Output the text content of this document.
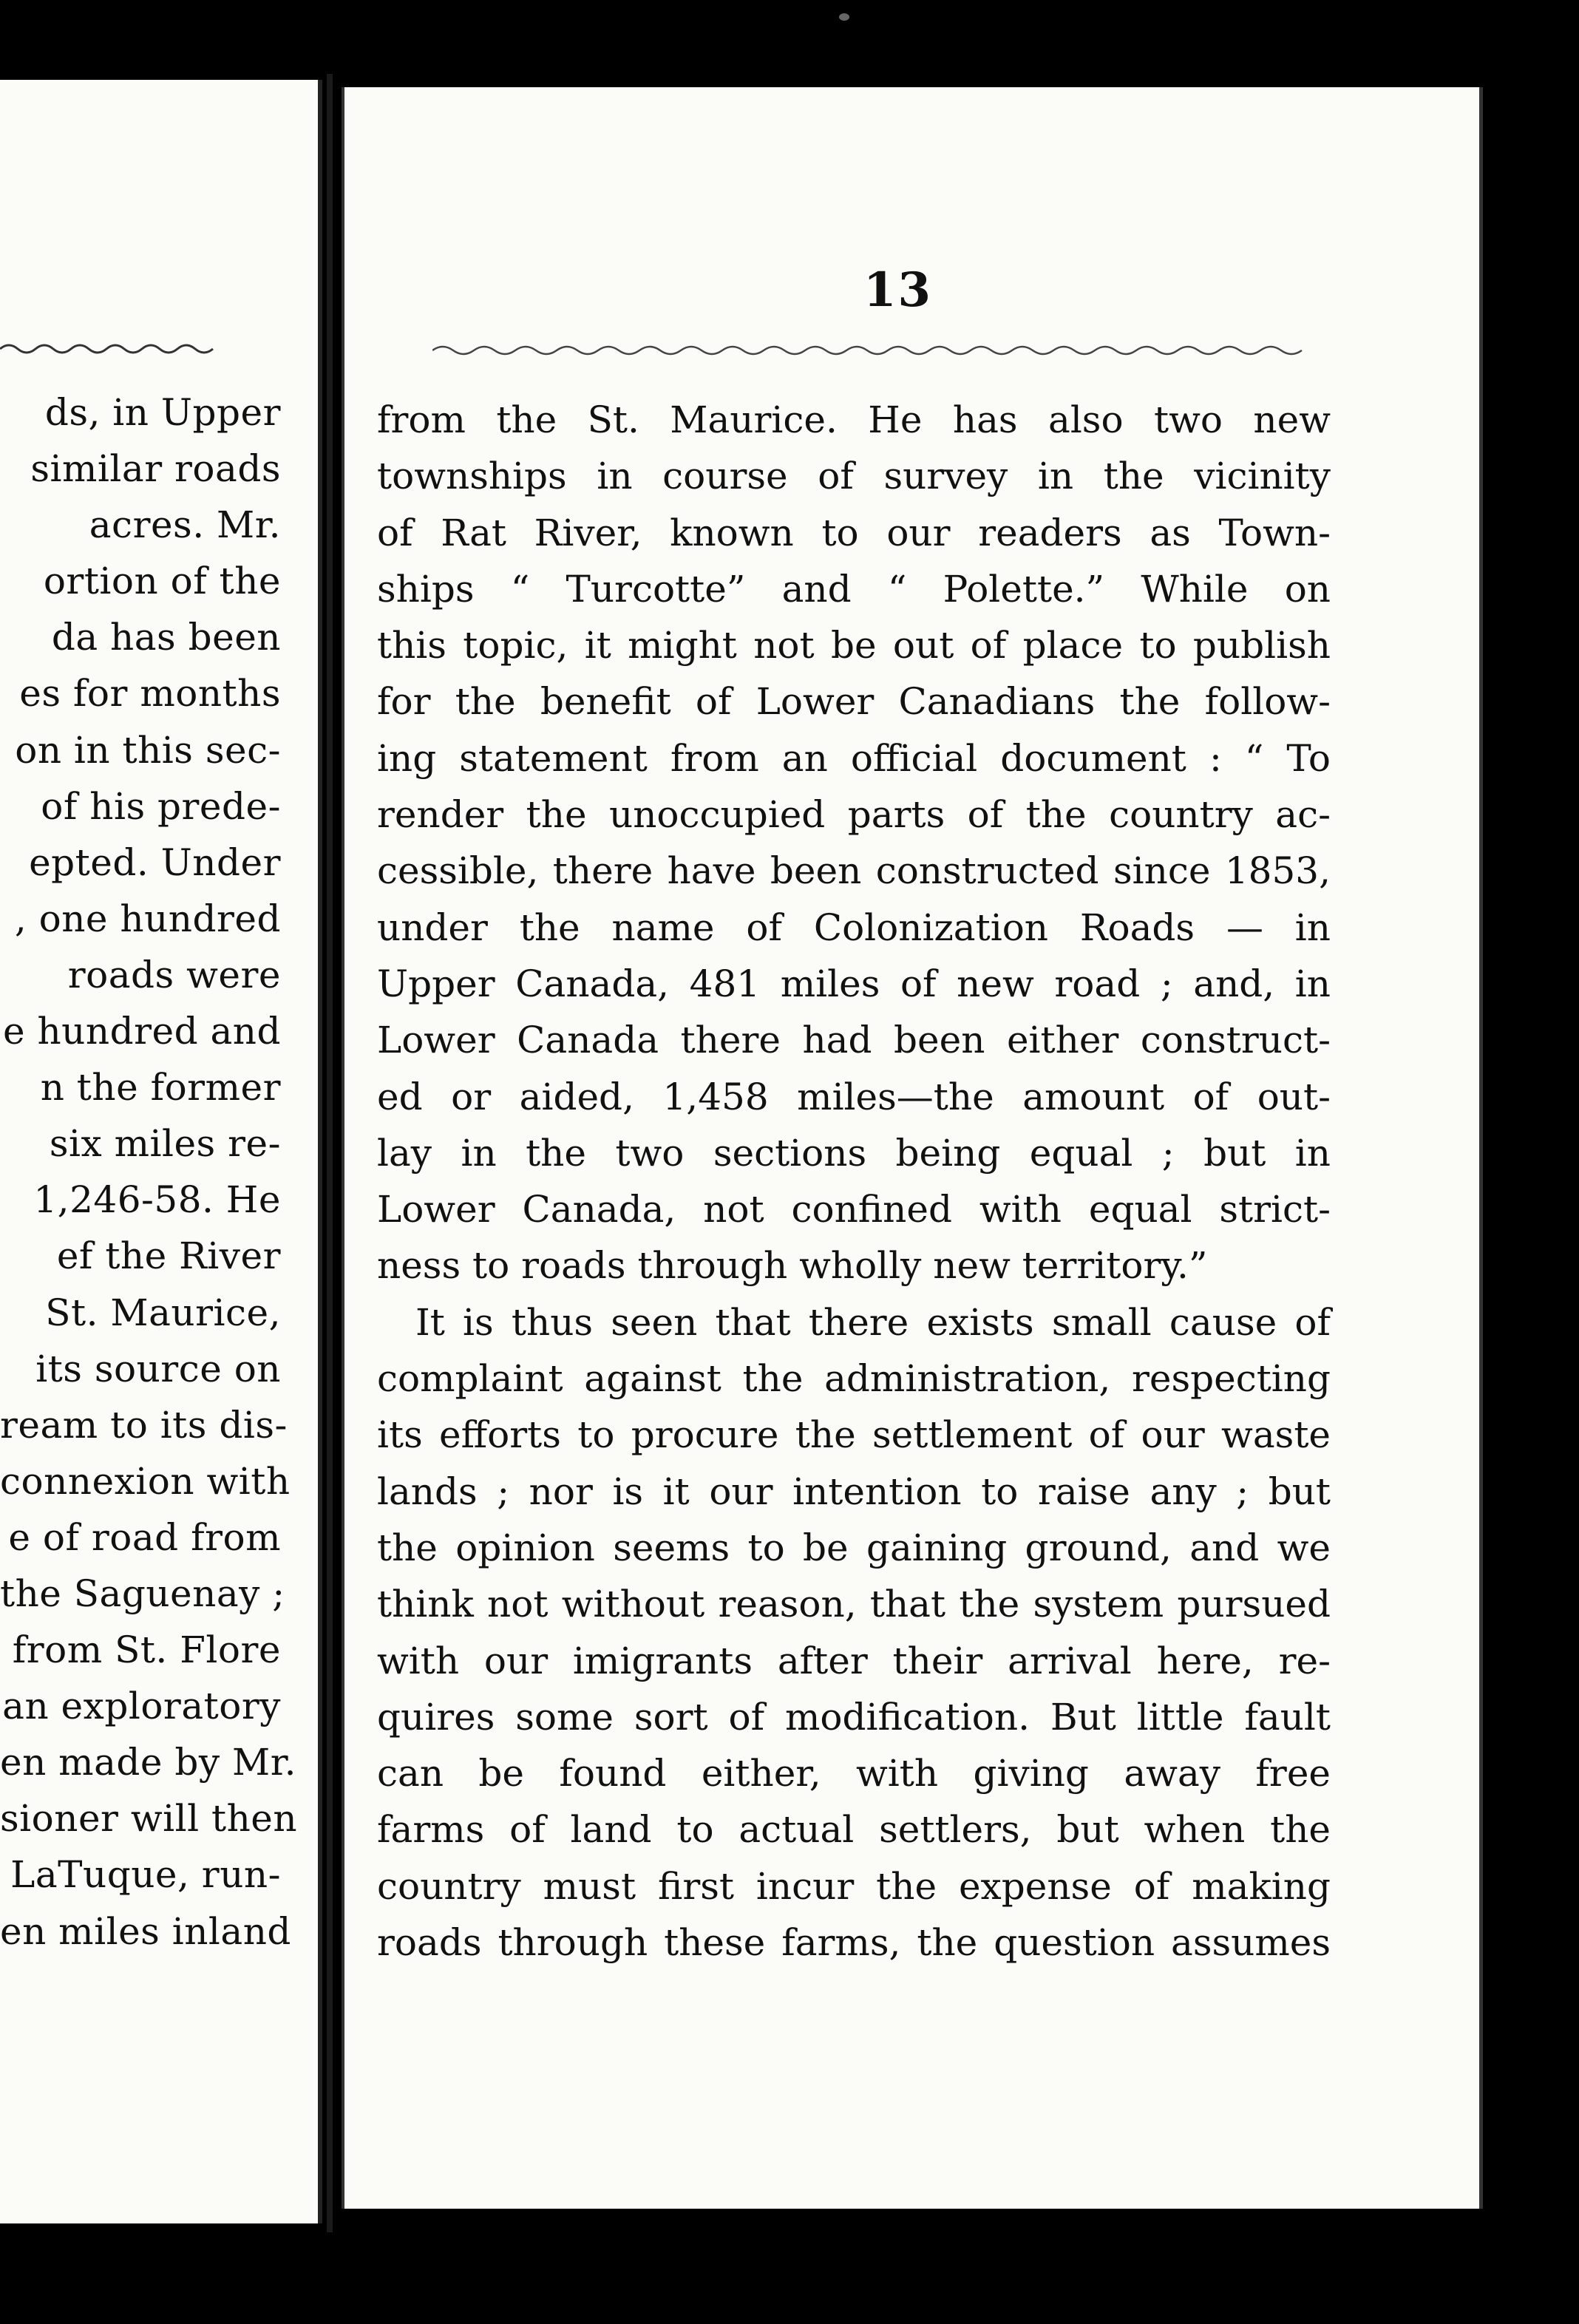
13
ds, in Upper
similar roads
acres. Mr.
ortion of the
da has been
es for months
on in this sec-
of his prede-
epted. Under
, one hundred
roads were
e hundred and
n the former
six miles re-
1,246-58. He
ef the River
St. Maurice,
its source on
ream to its dis-
connexion with
e of road from
the Saguenay ;
from St. Flore
an exploratory
en made by Mr.
sioner will then
LaTuque, run-
en miles inland
from the St. Maurice. He has also two new
townships in course of survey in the vicinity
of Rat River, known to our readers as Town-
ships “ Turcotte” and “ Polette.” While on
this topic, it might not be out of place to publish
for the benefit of Lower Canadians the follow-
ing statement from an official document : “ To
render the unoccupied parts of the country ac-
cessible, there have been constructed since 1853,
under the name of Colonization Roads — in
Upper Canada, 481 miles of new road ; and, in
Lower Canada there had been either construct-
ed or aided, 1,458 miles—the amount of out-
lay in the two sections being equal ; but in
Lower Canada, not confined with equal strict-
ness to roads through wholly new territory.”
It is thus seen that there exists small cause of
complaint against the administration, respecting
its efforts to procure the settlement of our waste
lands ; nor is it our intention to raise any ; but
the opinion seems to be gaining ground, and we
think not without reason, that the system pursued
with our imigrants after their arrival here, re-
quires some sort of modification. But little fault
can be found either, with giving away free
farms of land to actual settlers, but when the
country must first incur the expense of making
roads through these farms, the question assumes
